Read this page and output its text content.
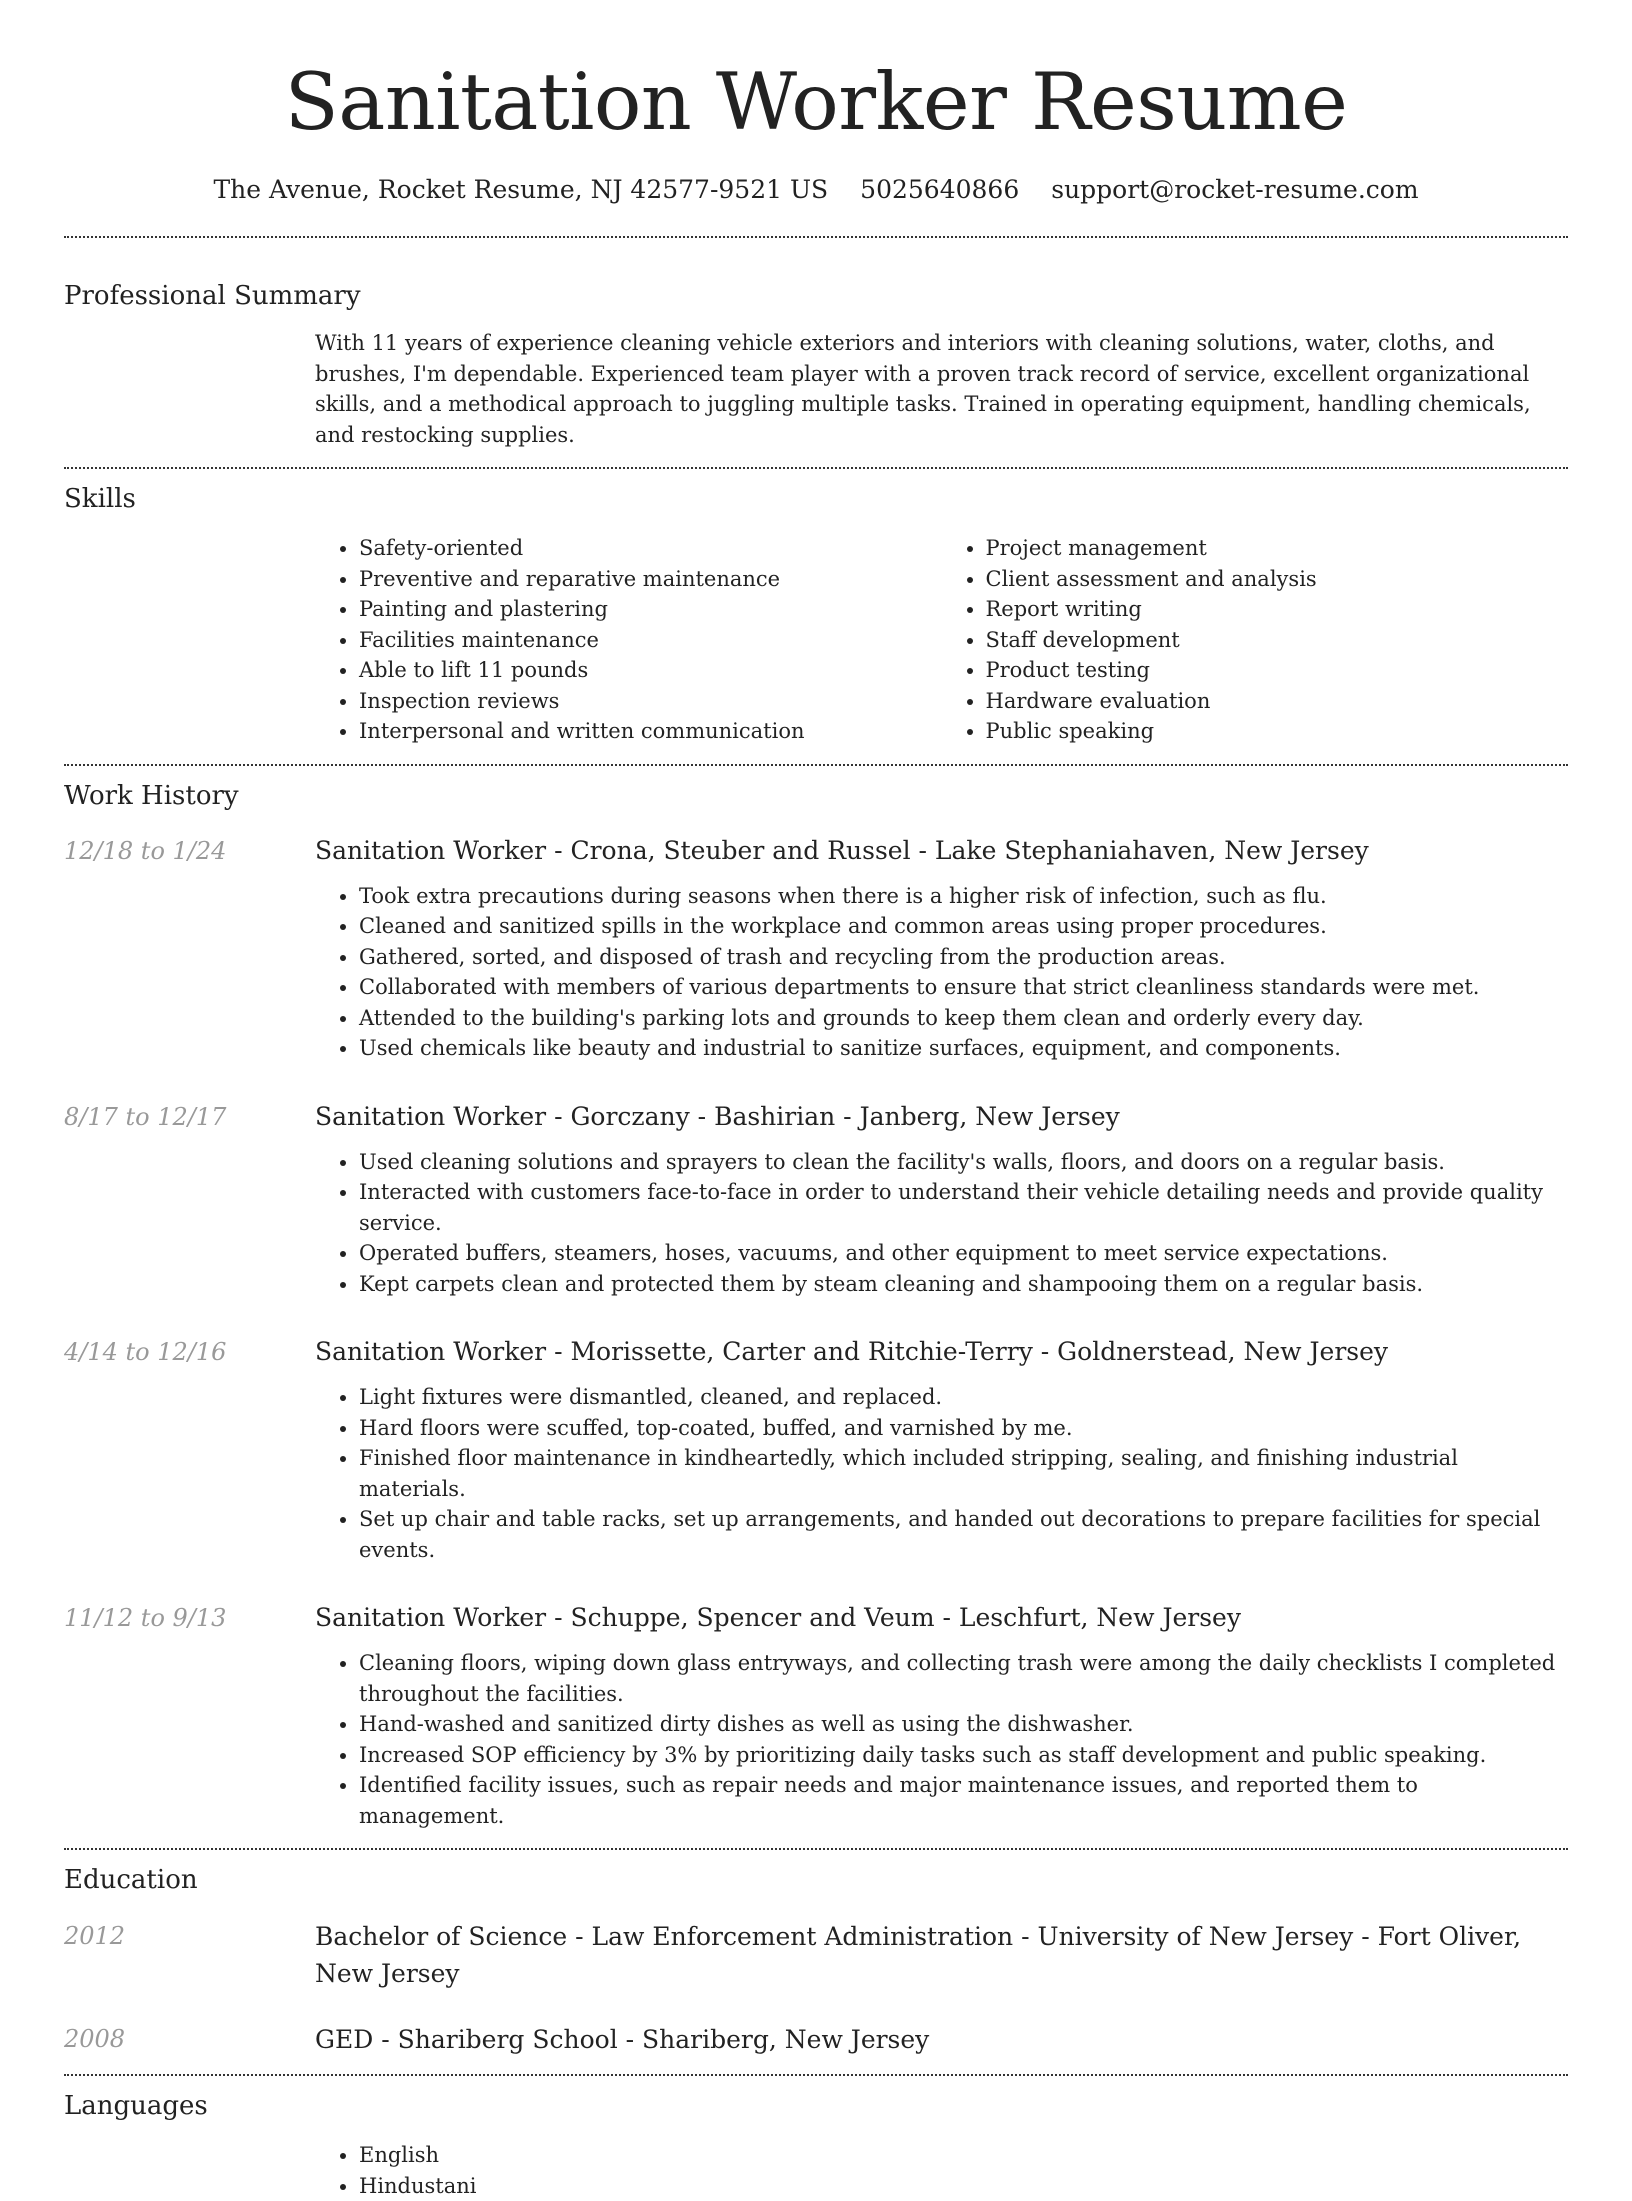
Sanitation Worker Resume
The Avenue, Rocket Resume, NJ 42577-9521 US 5025640866 support@rocket-resume.com
Professional Summary

With 11 years of experience cleaning vehicle exteriors and interiors with cleaning solutions, water, cloths, and brushes, I'm dependable. Experienced team player with a proven track record of service, excellent organizational skills, and a methodical approach to juggling multiple tasks. Trained in operating equipment, handling chemicals, and restocking supplies.

Skills
• Safety-oriented
• Preventive and reparative maintenance
• Painting and plastering
• Facilities maintenance
• Able to lift 11 pounds
• Inspection reviews
• Interpersonal and written communication
• Project management
• Client assessment and analysis
• Report writing
• Staff development
• Product testing
• Hardware evaluation
• Public speaking
Work History
12/18 to 1/24	Sanitation Worker - Crona, Steuber and Russel - Lake Stephaniahaven, New Jersey

• Took extra precautions during seasons when there is a higher risk of infection, such as flu.
• Cleaned and sanitized spills in the workplace and common areas using proper procedures.
• Gathered, sorted, and disposed of trash and recycling from the production areas.
• Collaborated with members of various departments to ensure that strict cleanliness standards were met.
• Attended to the building's parking lots and grounds to keep them clean and orderly every day.
• Used chemicals like beauty and industrial to sanitize surfaces, equipment, and components.
8/17 to 12/17	Sanitation Worker - Gorczany - Bashirian - Janberg, New Jersey

• Used cleaning solutions and sprayers to clean the facility's walls, floors, and doors on a regular basis.
• Interacted with customers face-to-face in order to understand their vehicle detailing needs and provide quality service.
• Operated buffers, steamers, hoses, vacuums, and other equipment to meet service expectations.
• Kept carpets clean and protected them by steam cleaning and shampooing them on a regular basis.
4/14 to 12/16	Sanitation Worker - Morissette, Carter and Ritchie-Terry - Goldnerstead, New Jersey

• Light fixtures were dismantled, cleaned, and replaced.
• Hard floors were scuffed, top-coated, buffed, and varnished by me.
• Finished floor maintenance in kindheartedly, which included stripping, sealing, and finishing industrial materials.
• Set up chair and table racks, set up arrangements, and handed out decorations to prepare facilities for special events.
11/12 to 9/13	Sanitation Worker - Schuppe, Spencer and Veum - Leschfurt, New Jersey

• Cleaning floors, wiping down glass entryways, and collecting trash were among the daily checklists I completed throughout the facilities.
• Hand-washed and sanitized dirty dishes as well as using the dishwasher.
• Increased SOP efficiency by 3% by prioritizing daily tasks such as staff development and public speaking.
• Identified facility issues, such as repair needs and major maintenance issues, and reported them to management.
Education
2012	Bachelor of Science - Law Enforcement Administration - University of New Jersey - Fort Oliver, New Jersey

2008	GED - Shariberg School - Shariberg, New Jersey

Languages
• English
• Hindustani
